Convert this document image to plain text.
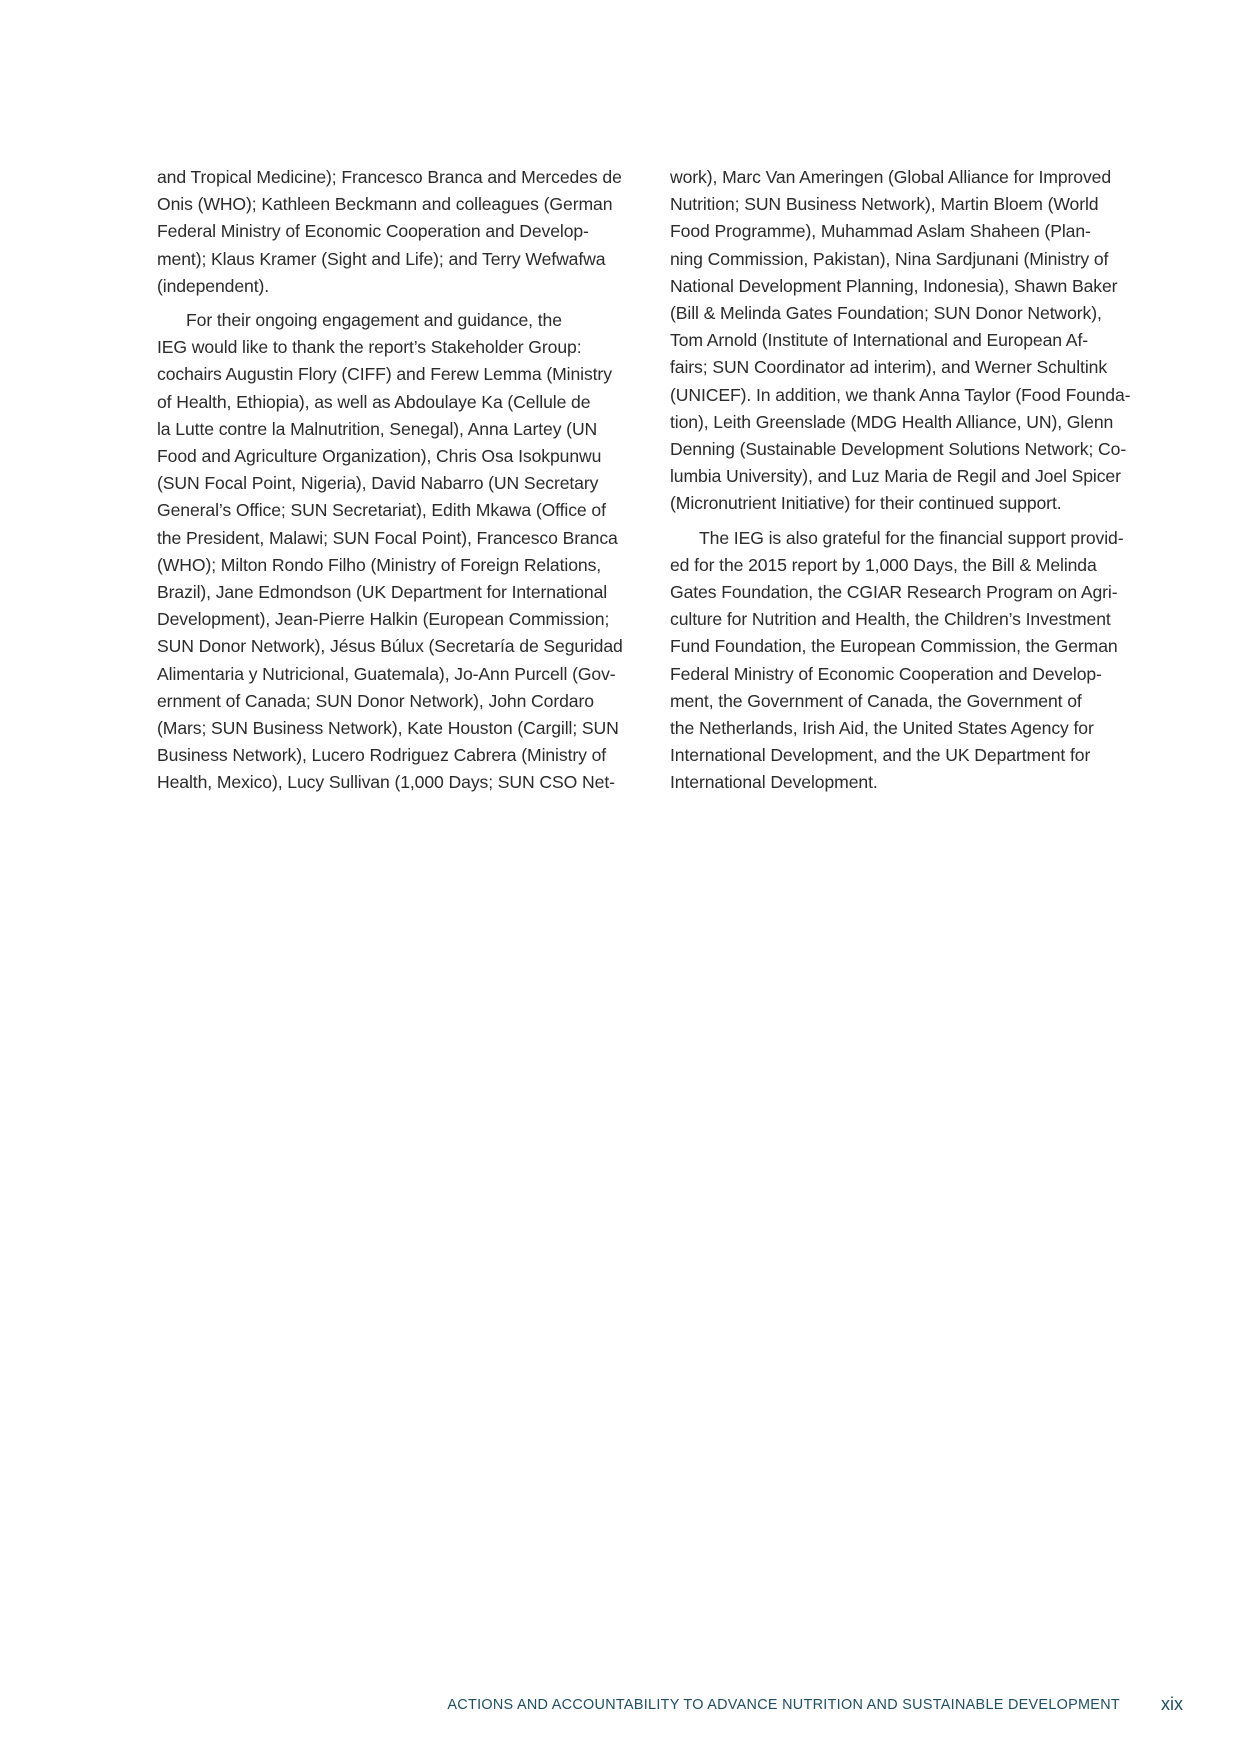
and Tropical Medicine); Francesco Branca and Mercedes de
Onis (WHO); Kathleen Beckmann and colleagues (German
Federal Ministry of Economic Cooperation and Develop-
ment); Klaus Kramer (Sight and Life); and Terry Wefwafwa
(independent).
For their ongoing engagement and guidance, the
IEG would like to thank the report’s Stakeholder Group:
cochairs Augustin Flory (CIFF) and Ferew Lemma (Ministry
of Health, Ethiopia), as well as Abdoulaye Ka (Cellule de
la Lutte contre la Malnutrition, Senegal), Anna Lartey (UN
Food and Agriculture Organization), Chris Osa Isokpunwu
(SUN Focal Point, Nigeria), David Nabarro (UN Secretary
General’s Office; SUN Secretariat), Edith Mkawa (Office of
the President, Malawi; SUN Focal Point), Francesco Branca
(WHO); Milton Rondo Filho (Ministry of Foreign Relations,
Brazil), Jane Edmondson (UK Department for International
Development), Jean-Pierre Halkin (European Commission;
SUN Donor Network), Jésus Búlux (Secretaría de Seguridad
Alimentaria y Nutricional, Guatemala), Jo-Ann Purcell (Gov-
ernment of Canada; SUN Donor Network), John Cordaro
(Mars; SUN Business Network), Kate Houston (Cargill; SUN
Business Network), Lucero Rodriguez Cabrera (Ministry of
Health, Mexico), Lucy Sullivan (1,000 Days; SUN CSO Net-
work), Marc Van Ameringen (Global Alliance for Improved
Nutrition; SUN Business Network), Martin Bloem (World
Food Programme), Muhammad Aslam Shaheen (Plan-
ning Commission, Pakistan), Nina Sardjunani (Ministry of
National Development Planning, Indonesia), Shawn Baker
(Bill & Melinda Gates Foundation; SUN Donor Network),
Tom Arnold (Institute of International and European Af-
fairs; SUN Coordinator ad interim), and Werner Schultink
(UNICEF). In addition, we thank Anna Taylor (Food Founda-
tion), Leith Greenslade (MDG Health Alliance, UN), Glenn
Denning (Sustainable Development Solutions Network; Co-
lumbia University), and Luz Maria de Regil and Joel Spicer
(Micronutrient Initiative) for their continued support.
The IEG is also grateful for the financial support provid-
ed for the 2015 report by 1,000 Days, the Bill & Melinda
Gates Foundation, the CGIAR Research Program on Agri-
culture for Nutrition and Health, the Children’s Investment
Fund Foundation, the European Commission, the German
Federal Ministry of Economic Cooperation and Develop-
ment, the Government of Canada, the Government of
the Netherlands, Irish Aid, the United States Agency for
International Development, and the UK Department for
International Development.
ACTIONS AND ACCOUNTABILITY TO ADVANCE NUTRITION AND SUSTAINABLE DEVELOPMENT xix
